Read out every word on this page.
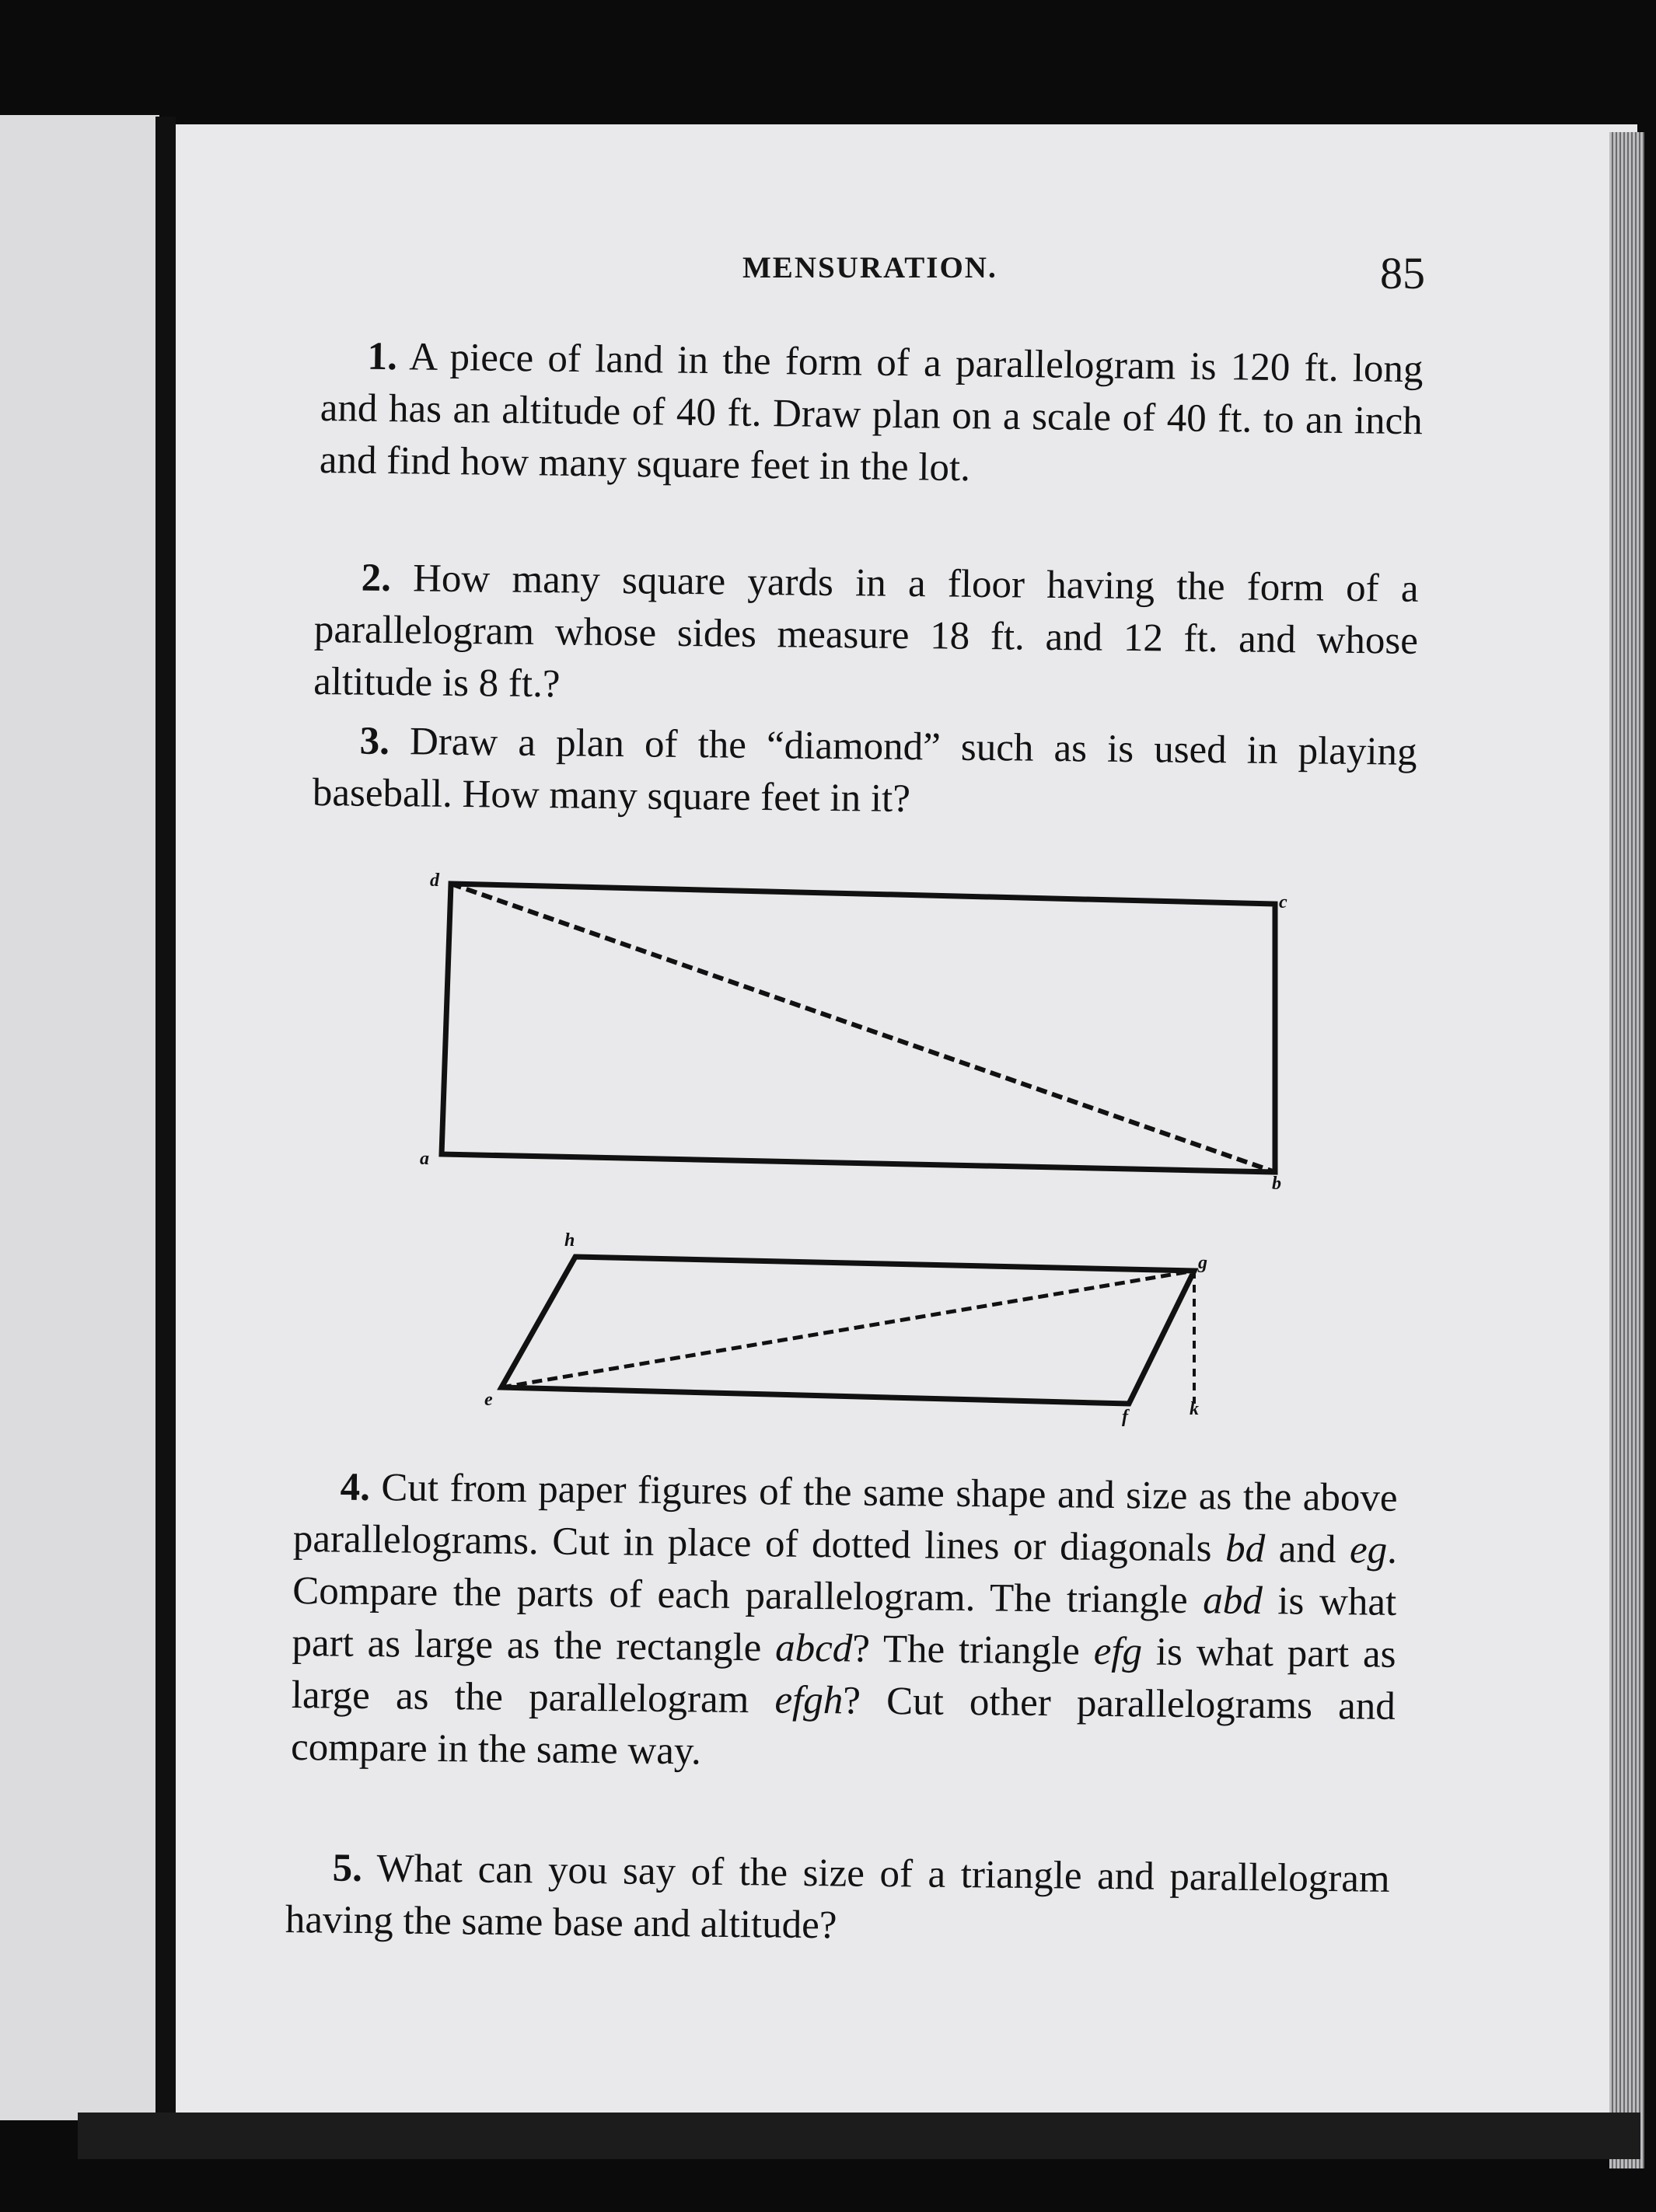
MENSURATION.	85

1. A piece of land in the form of a parallelogram is 120 ft. long and has an altitude of 40 ft. Draw plan on a scale of 40 ft. to an inch and find how many square feet in the lot.

2. How many square yards in a floor having the form of a parallelogram whose sides measure 18 ft. and 12 ft. and whose altitude is 8 ft.?

3. Draw a plan of the “diamond” such as is used in playing baseball. How many square feet in it?

d
c
a
b
h
g
e
f	k

4. Cut from paper figures of the same shape and size as the above parallelograms. Cut in place of dotted lines or diagonals bd and eg. Compare the parts of each parallelogram. The triangle abd is what part as large as the rectangle abcd? The triangle efg is what part as large as the parallelogram efgh? Cut other parallelograms and compare in the same way.

5. What can you say of the size of a triangle and parallelogram having the same base and altitude?
